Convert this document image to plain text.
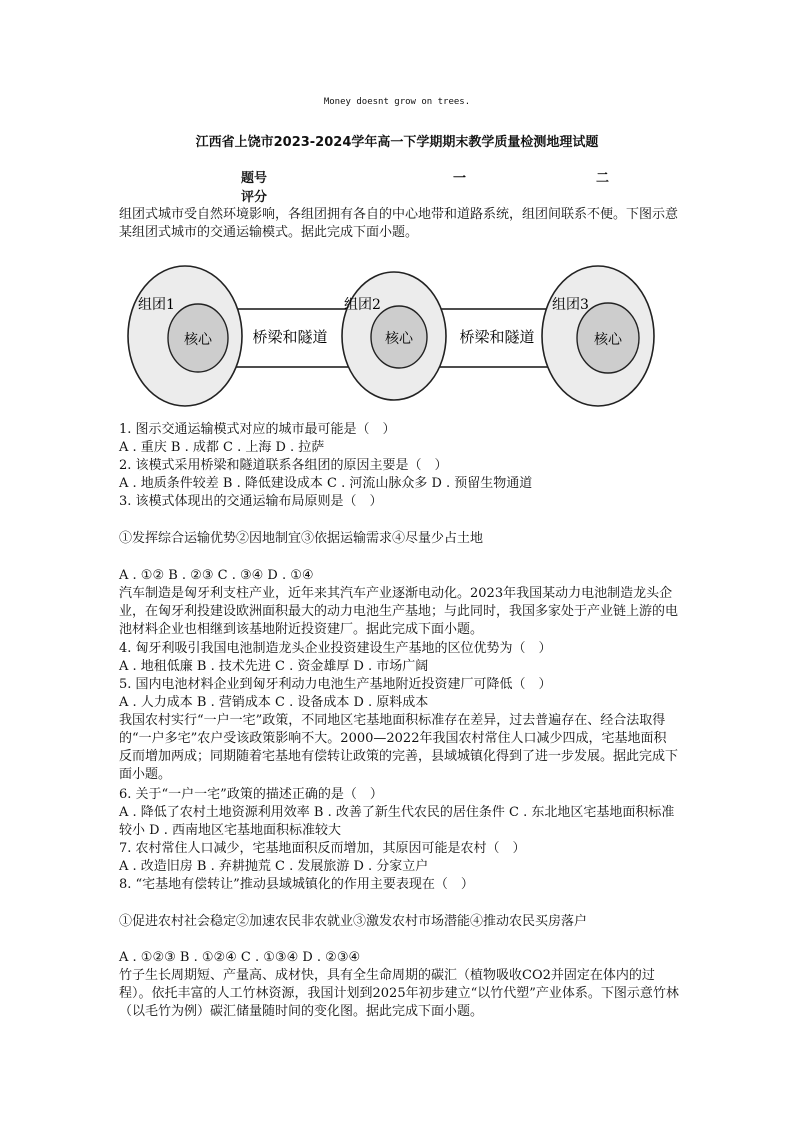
Money doesnt grow on trees.
江西省上饶市2023-2024学年高一下学期期末教学质量检测地理试题
题号	一	二
评分
组团式城市受自然环境影响，各组团拥有各自的中心地带和道路系统，组团间联系不便。下图示意某组团式城市的交通运输模式。据此完成下面小题。
组团1
核心	桥梁和隧道
组团2
核心	桥梁和隧道
组团3
核心
1. 图示交通运输模式对应的城市最可能是（　）
A . 重庆 B . 成都 C . 上海 D . 拉萨
2. 该模式采用桥梁和隧道联系各组团的原因主要是（　）
A . 地质条件较差 B . 降低建设成本 C . 河流山脉众多 D . 预留生物通道
3. 该模式体现出的交通运输布局原则是（　）
①发挥综合运输优势②因地制宜③依据运输需求④尽量少占土地
A . ①② B . ②③ C . ③④ D . ①④
汽车制造是匈牙利支柱产业，近年来其汽车产业逐渐电动化。2023年我国某动力电池制造龙头企业，在匈牙利投建设欧洲面积最大的动力电池生产基地；与此同时，我国多家处于产业链上游的电池材料企业也相继到该基地附近投资建厂。据此完成下面小题。
4. 匈牙利吸引我国电池制造龙头企业投资建设生产基地的区位优势为（　）
A . 地租低廉 B . 技术先进 C . 资金雄厚 D . 市场广阔
5. 国内电池材料企业到匈牙利动力电池生产基地附近投资建厂可降低（　）
A . 人力成本 B . 营销成本 C . 设备成本 D . 原料成本
我国农村实行“一户一宅”政策，不同地区宅基地面积标准存在差异，过去普遍存在、经合法取得的“一户多宅”农户受该政策影响不大。2000—2022年我国农村常住人口减少四成，宅基地面积反而增加两成；同期随着宅基地有偿转让政策的完善，县域城镇化得到了进一步发展。据此完成下面小题。
6. 关于“一户一宅”政策的描述正确的是（　）
A . 降低了农村土地资源利用效率 B . 改善了新生代农民的居住条件 C . 东北地区宅基地面积标准较小 D . 西南地区宅基地面积标准较大
7. 农村常住人口减少，宅基地面积反而增加，其原因可能是农村（　）
A . 改造旧房 B . 弃耕抛荒 C . 发展旅游 D . 分家立户
8. “宅基地有偿转让”推动县域城镇化的作用主要表现在（　）
①促进农村社会稳定②加速农民非农就业③激发农村市场潜能④推动农民买房落户
A . ①②③ B . ①②④ C . ①③④ D . ②③④
竹子生长周期短、产量高、成材快，具有全生命周期的碳汇（植物吸收CO2并固定在体内的过程）。依托丰富的人工竹林资源，我国计划到2025年初步建立“以竹代塑”产业体系。下图示意竹林（以毛竹为例）碳汇储量随时间的变化图。据此完成下面小题。
